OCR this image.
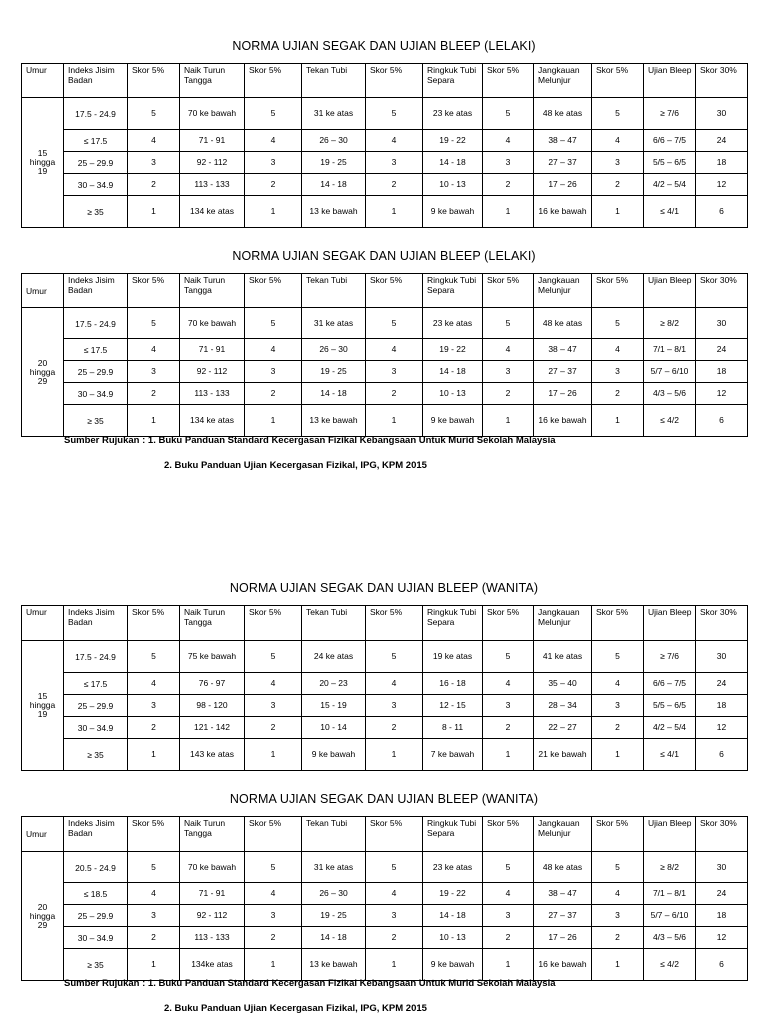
NORMA UJIAN SEGAK DAN UJIAN BLEEP (LELAKI)
Umur	Indeks Jisim Badan	Skor 5%	Naik Turun Tangga	Skor 5%	Tekan Tubi	Skor 5%	Ringkuk Tubi Separa	Skor 5%	Jangkauan Melunjur	Skor 5%	Ujian Bleep	Skor 30%

15
hingga
19	17.5 - 24.9	5	70 ke bawah	5	31 ke atas	5	23 ke atas	5	48 ke atas	5	≥ 7/6	30

	≤ 17.5	4	71 - 91	4	26 – 30	4	19 - 22	4	38 – 47	4	6/6 – 7/5	24

	25 – 29.9	3	92 - 112	3	19 - 25	3	14 - 18	3	27 – 37	3	5/5 – 6/5	18

	30 – 34.9	2	113 - 133	2	14 - 18	2	10 - 13	2	17 – 26	2	4/2 – 5/4	12

	≥ 35	1	134 ke atas	1	13 ke bawah	1	9 ke bawah	1	16 ke bawah	1	≤ 4/1	6
NORMA UJIAN SEGAK DAN UJIAN BLEEP (LELAKI)
Umur	Indeks Jisim Badan	Skor 5%	Naik Turun Tangga	Skor 5%	Tekan Tubi	Skor 5%	Ringkuk Tubi Separa	Skor 5%	Jangkauan Melunjur	Skor 5%	Ujian Bleep	Skor 30%

20
hingga
29	17.5 - 24.9	5	70 ke bawah	5	31 ke atas	5	23 ke atas	5	48 ke atas	5	≥ 8/2	30

	≤ 17.5	4	71 - 91	4	26 – 30	4	19 - 22	4	38 – 47	4	7/1 – 8/1	24

	25 – 29.9	3	92 - 112	3	19 - 25	3	14 - 18	3	27 – 37	3	5/7 – 6/10	18

	30 – 34.9	2	113 - 133	2	14 - 18	2	10 - 13	2	17 – 26	2	4/3 – 5/6	12

	≥ 35	1	134 ke atas	1	13 ke bawah	1	9 ke bawah	1	16 ke bawah	1	≤ 4/2	6
Sumber Rujukan : 1. Buku Panduan Standard Kecergasan Fizikal Kebangsaan Untuk Murid Sekolah Malaysia
2. Buku Panduan Ujian Kecergasan Fizikal, IPG, KPM 2015
NORMA UJIAN SEGAK DAN UJIAN BLEEP (WANITA)
Umur	Indeks Jisim Badan	Skor 5%	Naik Turun Tangga	Skor 5%	Tekan Tubi	Skor 5%	Ringkuk Tubi Separa	Skor 5%	Jangkauan Melunjur	Skor 5%	Ujian Bleep	Skor 30%

15
hingga
19	17.5 - 24.9	5	75 ke bawah	5	24 ke atas	5	19 ke atas	5	41 ke atas	5	≥ 7/6	30

	≤ 17.5	4	76 - 97	4	20 – 23	4	16 - 18	4	35 – 40	4	6/6 – 7/5	24

	25 – 29.9	3	98 - 120	3	15 - 19	3	12 - 15	3	28 – 34	3	5/5 – 6/5	18

	30 – 34.9	2	121 - 142	2	10 - 14	2	8 - 11	2	22 – 27	2	4/2 – 5/4	12

	≥ 35	1	143 ke atas	1	9 ke bawah	1	7 ke bawah	1	21 ke bawah	1	≤ 4/1	6
NORMA UJIAN SEGAK DAN UJIAN BLEEP (WANITA)
Umur	Indeks Jisim Badan	Skor 5%	Naik Turun Tangga	Skor 5%	Tekan Tubi	Skor 5%	Ringkuk Tubi Separa	Skor 5%	Jangkauan Melunjur	Skor 5%	Ujian Bleep	Skor 30%

20
hingga
29	20.5 - 24.9	5	70 ke bawah	5	31 ke atas	5	23 ke atas	5	48 ke atas	5	≥ 8/2	30

	≤ 18.5	4	71 - 91	4	26 – 30	4	19 - 22	4	38 – 47	4	7/1 – 8/1	24

	25 – 29.9	3	92 - 112	3	19 - 25	3	14 - 18	3	27 – 37	3	5/7 – 6/10	18

	30 – 34.9	2	113 - 133	2	14 - 18	2	10 - 13	2	17 – 26	2	4/3 – 5/6	12

	≥ 35	1	134ke atas	1	13 ke bawah	1	9 ke bawah	1	16 ke bawah	1	≤ 4/2	6
Sumber Rujukan : 1. Buku Panduan Standard Kecergasan Fizikal Kebangsaan Untuk Murid Sekolah Malaysia
2. Buku Panduan Ujian Kecergasan Fizikal, IPG, KPM 2015
